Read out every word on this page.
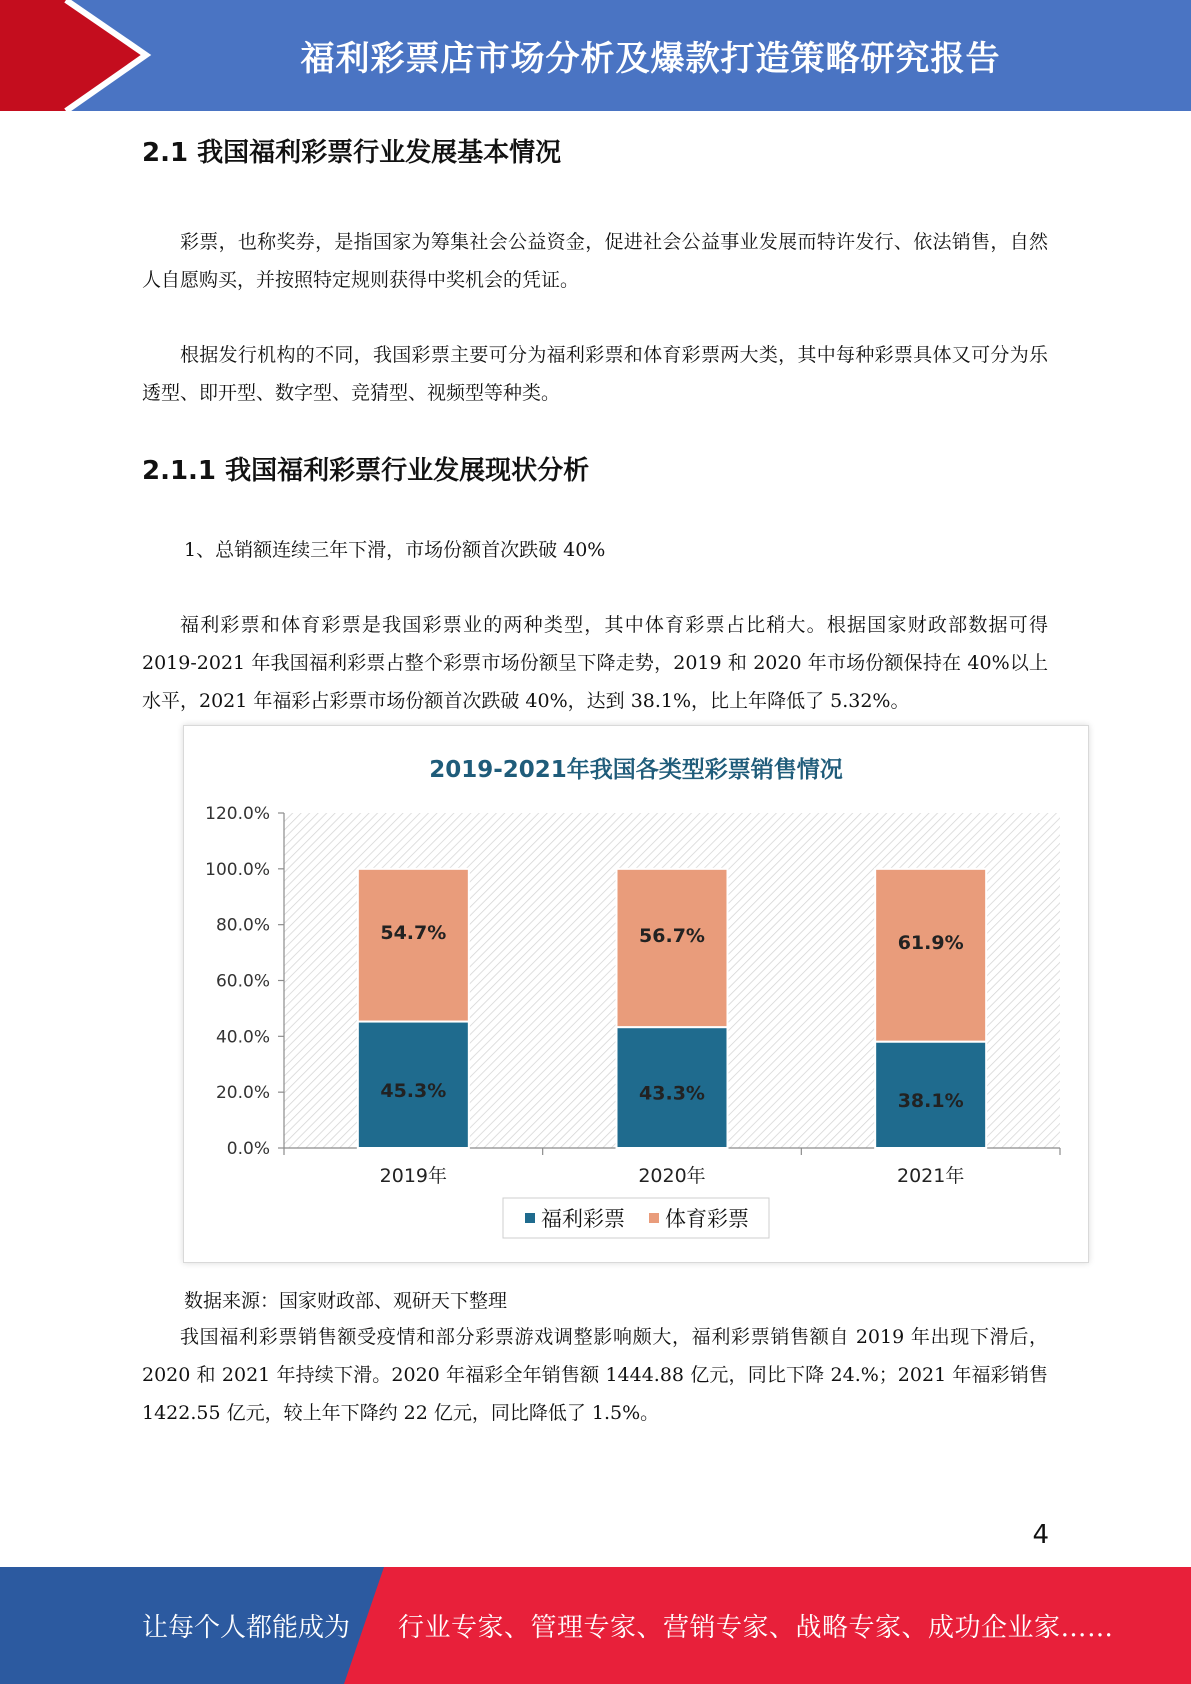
福利彩票店市场分析及爆款打造策略研究报告
2.1 我国福利彩票行业发展基本情况

彩票，也称奖券，是指国家为筹集社会公益资金，促进社会公益事业发展而特许发行、依法销售，自然人自愿购买，并按照特定规则获得中奖机会的凭证。

根据发行机构的不同，我国彩票主要可分为福利彩票和体育彩票两大类，其中每种彩票具体又可分为乐透型、即开型、数字型、竞猜型、视频型等种类。

2.1.1 我国福利彩票行业发展现状分析

1、总销额连续三年下滑，市场份额首次跌破 40%

福利彩票和体育彩票是我国彩票业的两种类型，其中体育彩票占比稍大。根据国家财政部数据可得 2019-2021 年我国福利彩票占整个彩票市场份额呈下降走势，2019 和 2020 年市场份额保持在 40%以上水平，2021 年福彩占彩票市场份额首次跌破 40%，达到 38.1%，比上年降低了 5.32%。

2019-2021年我国各类型彩票销售情况
0.0%
20.0%
40.0%
60.0%
80.0%
100.0%
120.0%
45.3%
54.7%
2019年
43.3%
56.7%
2020年
38.1%
61.9%
2021年
福利彩票 体育彩票

数据来源：国家财政部、观研天下整理

我国福利彩票销售额受疫情和部分彩票游戏调整影响颇大，福利彩票销售额自 2019 年出现下滑后，2020 和 2021 年持续下滑。2020 年福彩全年销售额 1444.88 亿元，同比下降 24.%；2021 年福彩销售 1422.55 亿元，较上年下降约 22 亿元，同比降低了 1.5%。

4
让每个人都能成为 行业专家、管理专家、营销专家、战略专家、成功企业家……
